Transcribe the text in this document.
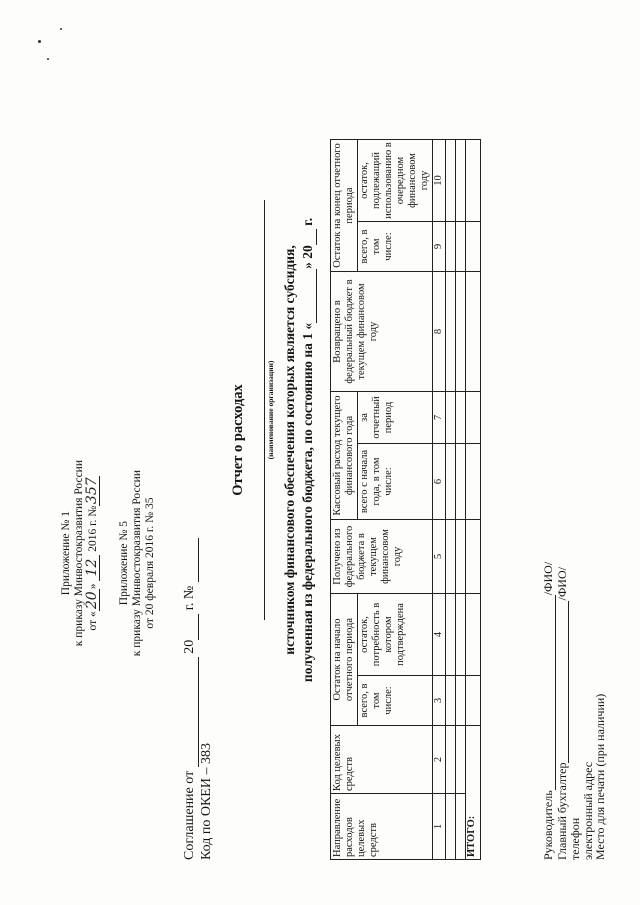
Приложение № 1 к приказу Минвостокразвития России от «20» 12 2016 г. №357
Приложение № 5 к приказу Минвостокразвития России от 20 февраля 2016 г. № 35
Соглашение от   20  г. №
Код по ОКЕИ – 383
Отчет о расходах	(наименование организации) источником финансового обеспечения которых является субсидия, полученная из федерального бюджета, по состоянию на 1 « » 20  г.
Направление расходов целевых средств	Код целевых средств	Остаток на начало отчетного периода		Получено из федерального бюджета в текущем финансовом году	Кассовый расход текущего финансового года		Возвращено в федеральный бюджет в текущем финансовом году	Остаток на конец отчетного периода	
		всего, в том числе:	остаток, потребность в котором подтверждена		всего с начала года, в том числе:	за отчетный период		всего, в том числе:	остаток, подлежащий использованию в очередном финансовом году
1	2	3	4	5	6	7	8	9	10

ИТОГО:										Руководитель /ФИО/
Главный бухгалтер /ФИО/
телефон
электронный адрес
Место для печати (при наличии)
